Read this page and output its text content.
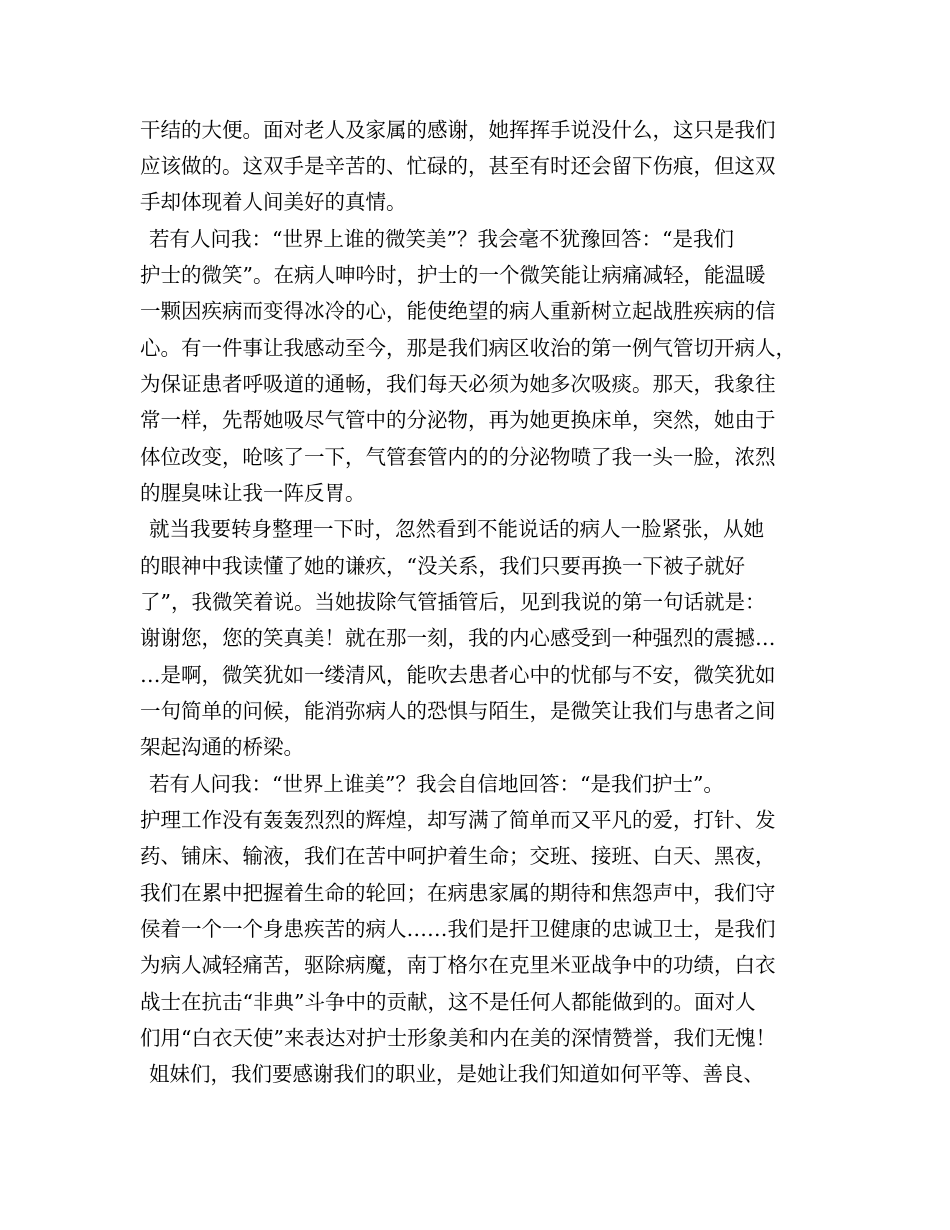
干结的大便。面对老人及家属的感谢，她挥挥手说没什么，这只是我们
应该做的。这双手是辛苦的、忙碌的，甚至有时还会留下伤痕，但这双
手却体现着人间美好的真情。
若有人问我：“世界上谁的微笑美”？我会毫不犹豫回答：“是我们
护士的微笑”。在病人呻吟时，护士的一个微笑能让病痛减轻，能温暖
一颗因疾病而变得冰冷的心，能使绝望的病人重新树立起战胜疾病的信
心。有一件事让我感动至今，那是我们病区收治的第一例气管切开病人，
为保证患者呼吸道的通畅，我们每天必须为她多次吸痰。那天，我象往
常一样，先帮她吸尽气管中的分泌物，再为她更换床单，突然，她由于
体位改变，呛咳了一下，气管套管内的的分泌物喷了我一头一脸，浓烈
的腥臭味让我一阵反胃。
就当我要转身整理一下时，忽然看到不能说话的病人一脸紧张，从她
的眼神中我读懂了她的谦疚，“没关系，我们只要再换一下被子就好
了”，我微笑着说。当她拔除气管插管后，见到我说的第一句话就是：
谢谢您，您的笑真美！就在那一刻，我的内心感受到一种强烈的震撼…
…是啊，微笑犹如一缕清风，能吹去患者心中的忧郁与不安，微笑犹如
一句简单的问候，能消弥病人的恐惧与陌生，是微笑让我们与患者之间
架起沟通的桥梁。
若有人问我：“世界上谁美”？我会自信地回答：“是我们护士”。
护理工作没有轰轰烈烈的辉煌，却写满了简单而又平凡的爱，打针、发
药、铺床、输液，我们在苦中呵护着生命；交班、接班、白天、黑夜，
我们在累中把握着生命的轮回；在病患家属的期待和焦怨声中，我们守
侯着一个一个身患疾苦的病人……我们是扞卫健康的忠诚卫士，是我们
为病人减轻痛苦，驱除病魔，南丁格尔在克里米亚战争中的功绩，白衣
战士在抗击“非典”斗争中的贡献，这不是任何人都能做到的。面对人
们用“白衣天使”来表达对护士形象美和内在美的深情赞誉，我们无愧！
姐妹们，我们要感谢我们的职业，是她让我们知道如何平等、善良、
